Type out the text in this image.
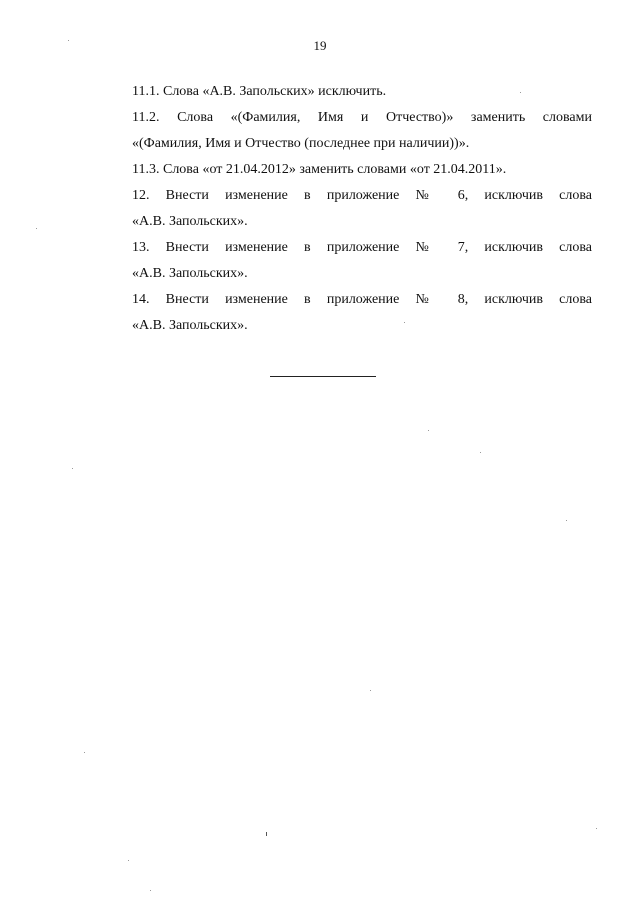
19

11.1. Слова «А.В. Запольских» исключить.

11.2. Слова «(Фамилия, Имя и Отчество)» заменить словами
«(Фамилия, Имя и Отчество (последнее при наличии))».

11.3. Слова «от 21.04.2012» заменить словами «от 21.04.2011».

12. Внести изменение в приложение № 6, исключив слова
«А.В. Запольских».

13. Внести изменение в приложение № 7, исключив слова
«А.В. Запольских».

14. Внести изменение в приложение № 8, исключив слова
«А.В. Запольских».
